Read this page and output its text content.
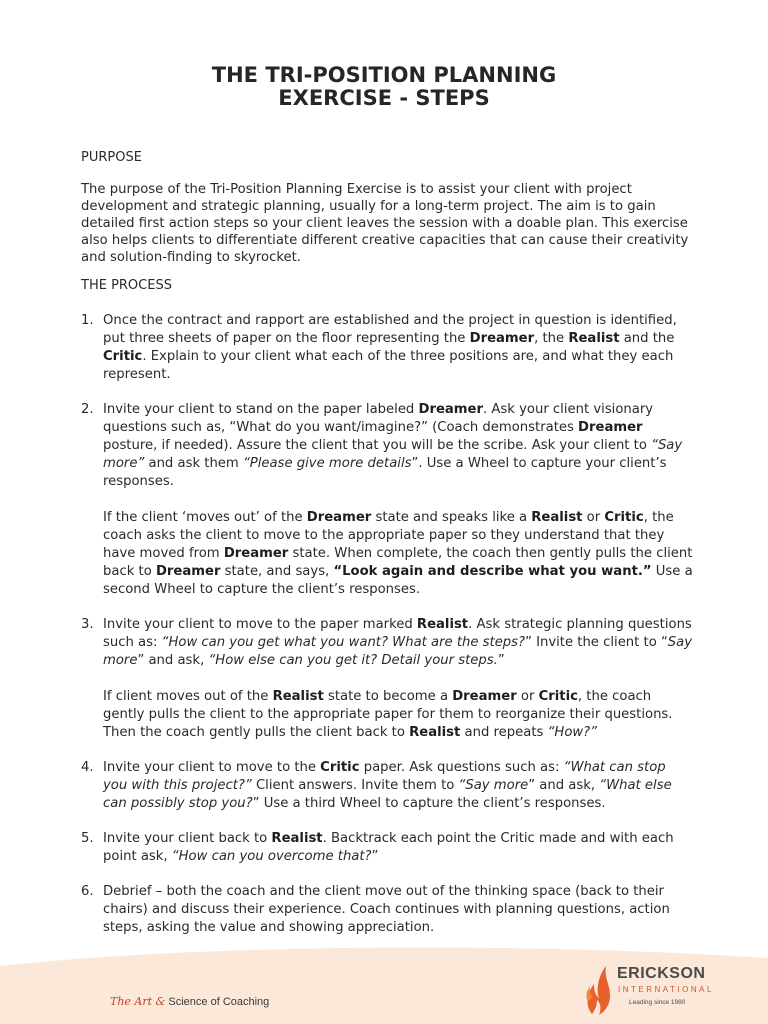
THE TRI-POSITION PLANNING
EXERCISE - STEPS
PURPOSE

The purpose of the Tri-Position Planning Exercise is to assist your client with project development and strategic planning, usually for a long-term project. The aim is to gain detailed first action steps so your client leaves the session with a doable plan. This exercise also helps clients to differentiate different creative capacities that can cause their creativity and solution-finding to skyrocket.

THE PROCESS
1. Once the contract and rapport are established and the project in question is identified, put three sheets of paper on the floor representing the Dreamer, the Realist and the Critic. Explain to your client what each of the three positions are, and what they each represent.

2. Invite your client to stand on the paper labeled Dreamer. Ask your client visionary questions such as, “What do you want/imagine?” (Coach demonstrates Dreamer posture, if needed). Assure the client that you will be the scribe. Ask your client to “Say more” and ask them “Please give more details”. Use a Wheel to capture your client’s responses.

If the client ‘moves out’ of the Dreamer state and speaks like a Realist or Critic, the coach asks the client to move to the appropriate paper so they understand that they have moved from Dreamer state. When complete, the coach then gently pulls the client back to Dreamer state, and says, “Look again and describe what you want.” Use a second Wheel to capture the client’s responses.

3. Invite your client to move to the paper marked Realist. Ask strategic planning questions such as: “How can you get what you want? What are the steps?” Invite the client to “Say more” and ask, “How else can you get it? Detail your steps.”

If client moves out of the Realist state to become a Dreamer or Critic, the coach gently pulls the client to the appropriate paper for them to reorganize their questions. Then the coach gently pulls the client back to Realist and repeats “How?”

4. Invite your client to move to the Critic paper. Ask questions such as: “What can stop you with this project?” Client answers. Invite them to “Say more” and ask, “What else can possibly stop you?” Use a third Wheel to capture the client’s responses.

5. Invite your client back to Realist. Backtrack each point the Critic made and with each point ask, “How can you overcome that?”

6. Debrief – both the coach and the client move out of the thinking space (back to their chairs) and discuss their experience. Coach continues with planning questions, action steps, asking the value and showing appreciation.

The Art & Science of Coaching
ERICKSON
INTERNATIONAL
Leading since 1980
